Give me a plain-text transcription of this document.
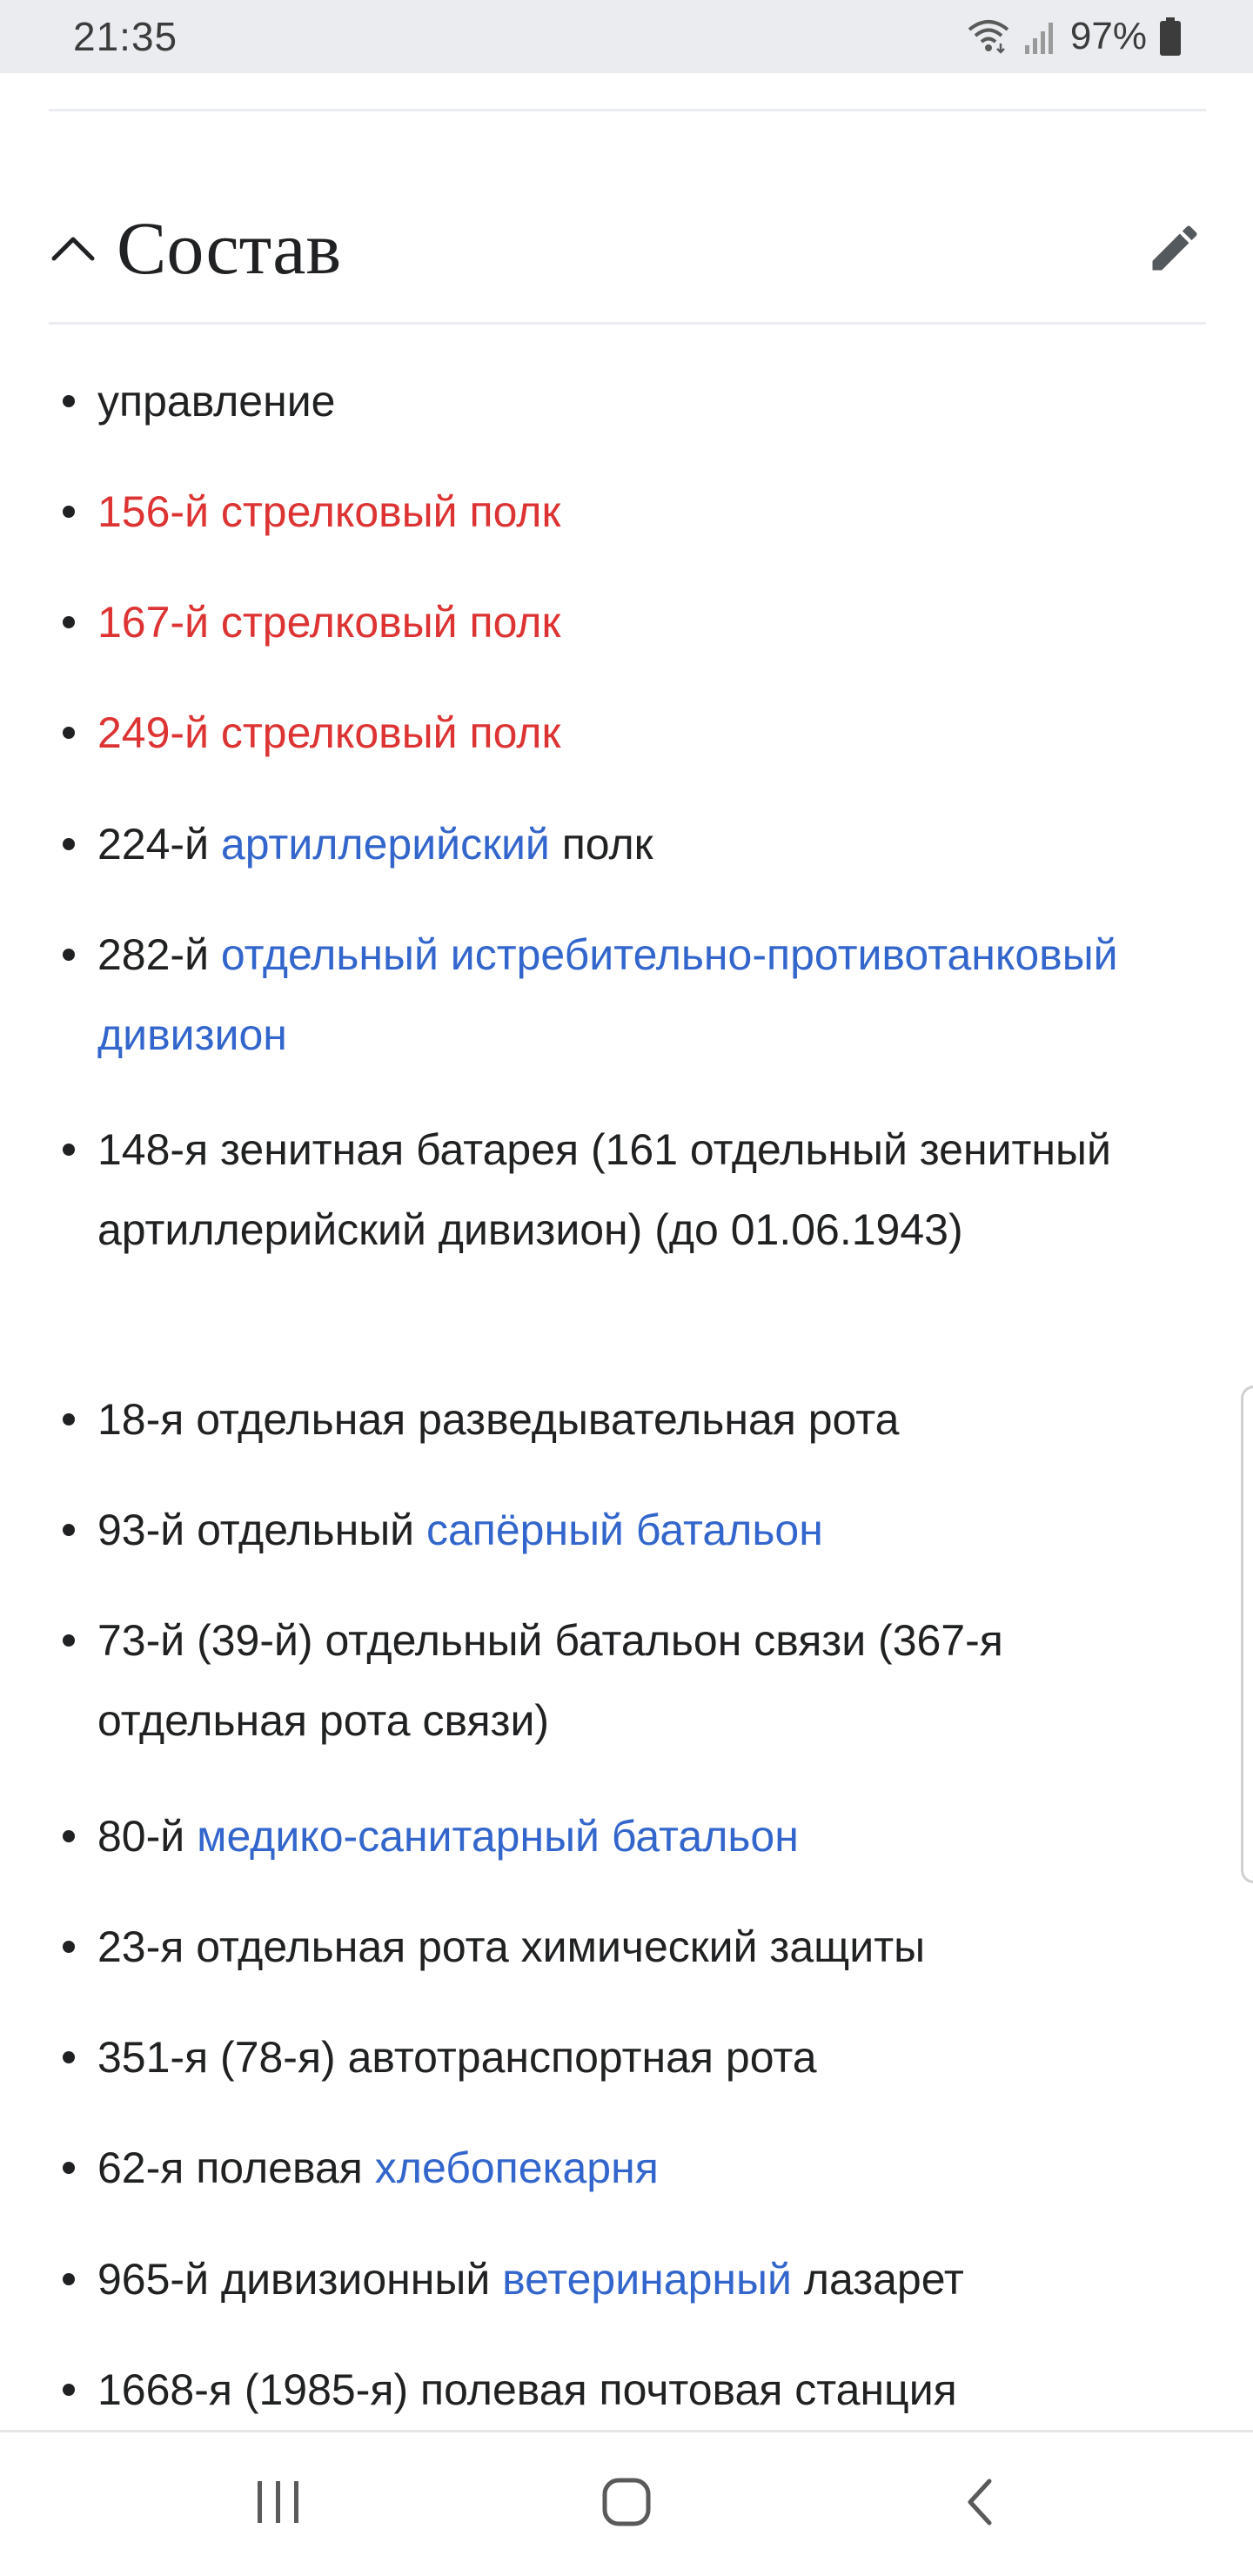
21:35	97%
Состав
управление
156-й стрелковый полк
167-й стрелковый полк
249-й стрелковый полк
224-й артиллерийский полк
282-й отдельный истребительно-противотанковый дивизион
148-я зенитная батарея (161 отдельный зенитный артиллерийский дивизион) (до 01.06.1943)
18-я отдельная разведывательная рота
93-й отдельный сапёрный батальон
73-й (39-й) отдельный батальон связи (367-я отдельная рота связи)
80-й медико-санитарный батальон
23-я отдельная рота химический защиты
351-я (78-я) автотранспортная рота
62-я полевая хлебопекарня
965-й дивизионный ветеринарный лазарет
1668-я (1985-я) полевая почтовая станция
